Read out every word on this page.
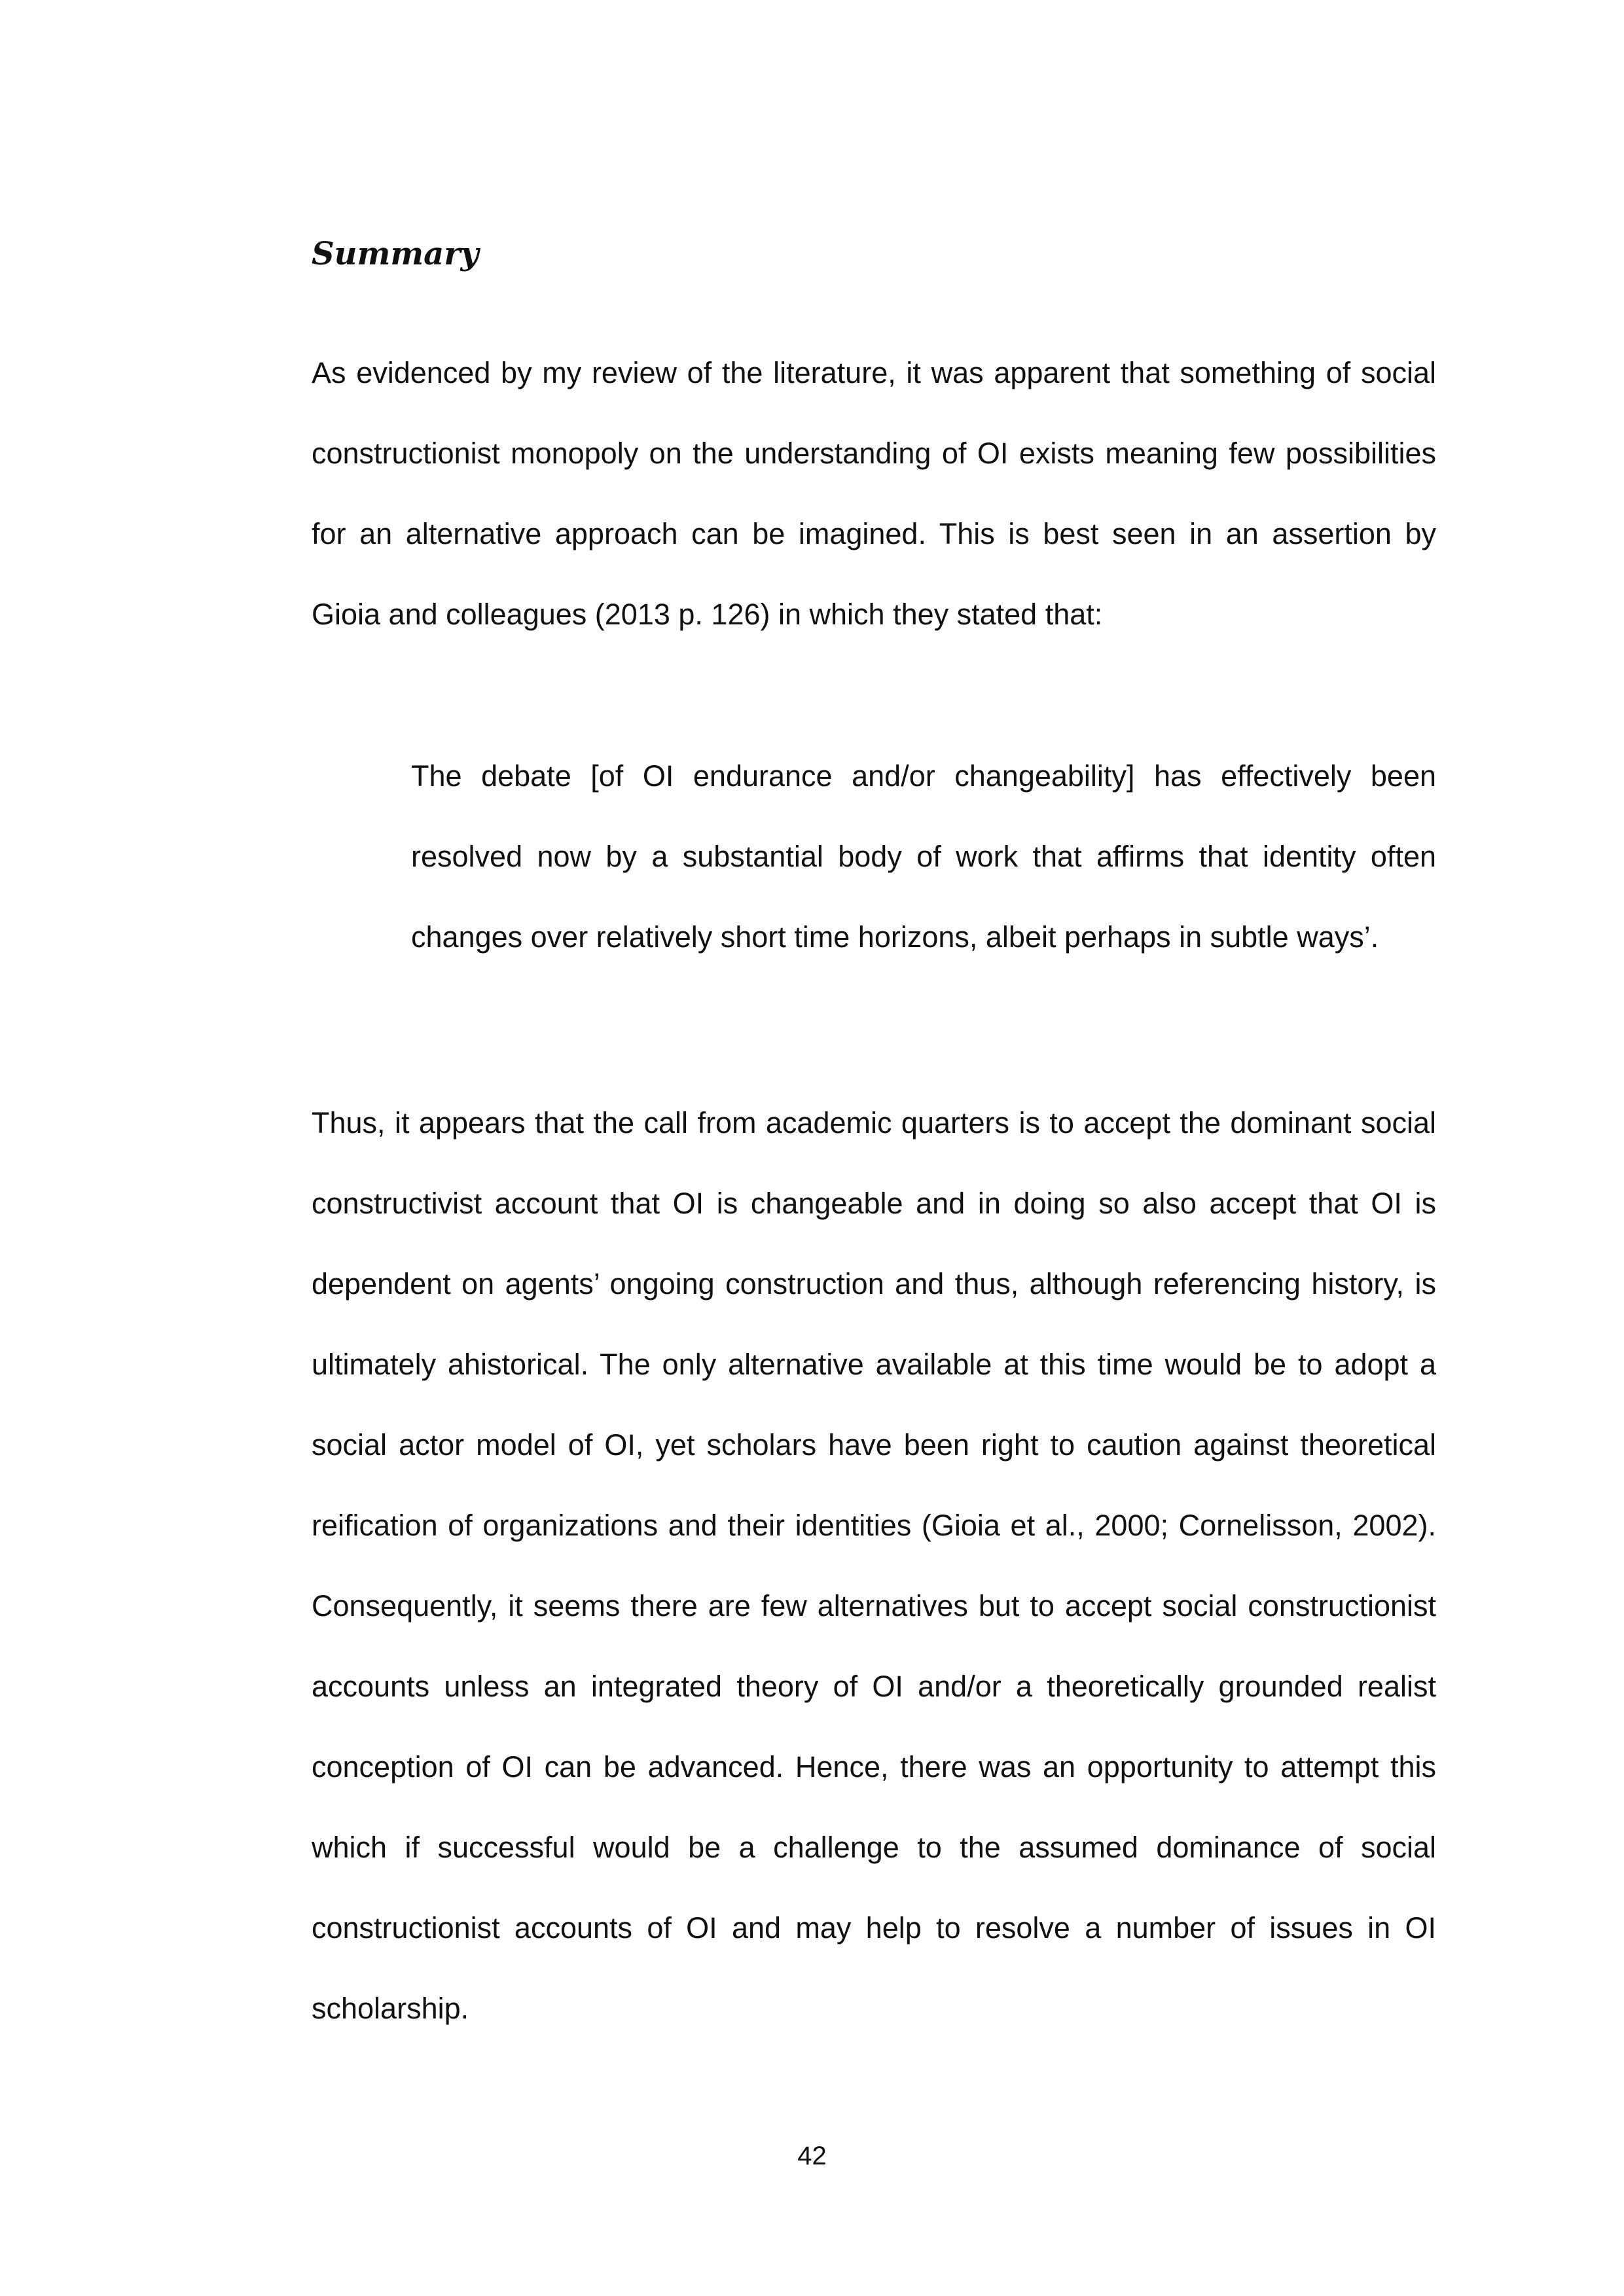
Summary

As evidenced by my review of the literature, it was apparent that something of social constructionist monopoly on the understanding of OI exists meaning few possibilities for an alternative approach can be imagined. This is best seen in an assertion by Gioia and colleagues (2013 p. 126) in which they stated that:

The debate [of OI endurance and/or changeability] has effectively been resolved now by a substantial body of work that affirms that identity often changes over relatively short time horizons, albeit perhaps in subtle ways’.

Thus, it appears that the call from academic quarters is to accept the dominant social constructivist account that OI is changeable and in doing so also accept that OI is dependent on agents’ ongoing construction and thus, although referencing history, is ultimately ahistorical. The only alternative available at this time would be to adopt a social actor model of OI, yet scholars have been right to caution against theoretical reification of organizations and their identities (Gioia et al., 2000; Cornelisson, 2002). Consequently, it seems there are few alternatives but to accept social constructionist accounts unless an integrated theory of OI and/or a theoretically grounded realist conception of OI can be advanced. Hence, there was an opportunity to attempt this which if successful would be a challenge to the assumed dominance of social constructionist accounts of OI and may help to resolve a number of issues in OI scholarship.

42
